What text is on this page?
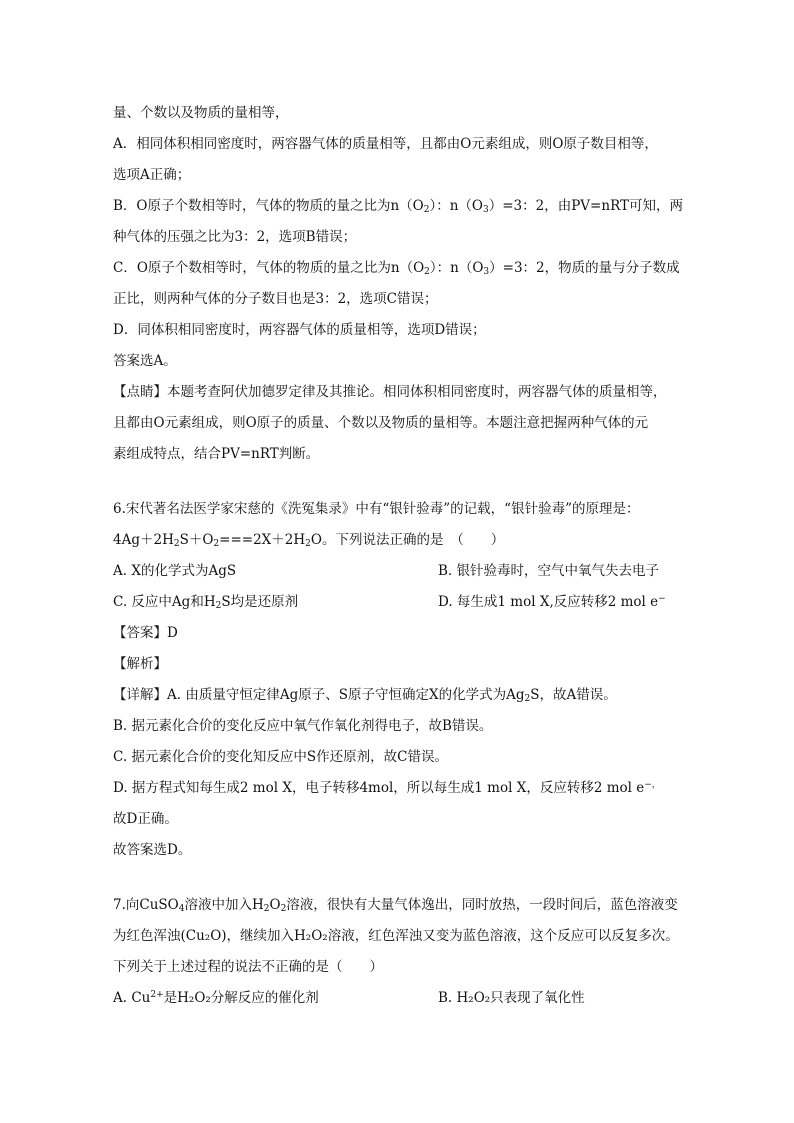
量、个数以及物质的量相等，
A．相同体积相同密度时，两容器气体的质量相等，且都由O元素组成，则O原子数目相等，
选项A正确；
B．O原子个数相等时，气体的物质的量之比为$n(O_2)$：$n(O_3)=3$：2，由PV=nRT可知，两
种气体的压强之比为3：2，选项B错误；
C．O原子个数相等时，气体的物质的量之比为$n(O_2)$：$n(O_3)=3$：2，物质的量与分子数成
正比，则两种气体的分子数目也是3：2，选项C错误；
D．同体积相同密度时，两容器气体的质量相等，选项D错误；
答案选A。
【点睛】本题考查阿伏加德罗定律及其推论。相同体积相同密度时，两容器气体的质量相等，
且都由O元素组成，则O原子的质量、个数以及物质的量相等。本题注意把握两种气体的元
素组成特点，结合PV=nRT判断。
6.宋代著名法医学家宋慈的《洗冤集录》中有“银针验毒”的记载，“银针验毒”的原理是：
$4Ag+2H_2S+O_2===2X+2H_2O$。下列说法正确的是　（　　）
A. X的化学式为AgS	B. 银针验毒时，空气中氧气失去电子
C. 反应中Ag和$H_2S$均是还原剂	D. 每生成1 mol X,反应转移2 mol e−
【答案】D
【解析】
【详解】A. 由质量守恒定律Ag原子、S原子守恒确定X的化学式为$Ag_2S$，故A错误。
B. 据元素化合价的变化反应中氧气作氧化剂得电子，故B错误。
C. 据元素化合价的变化知反应中S作还原剂，故C错误。
D. 据方程式知每生成2 mol X，电子转移4mol，所以每生成1 mol X，反应转移2 mol e−，
故D正确。
故答案选D。
7.向CuSO$_4$溶液中加入$H_2O_2$溶液，很快有大量气体逸出，同时放热，一段时间后，蓝色溶液变
为红色浑浊(Cu₂O)，继续加入H₂O₂溶液，红色浑浊又变为蓝色溶液，这个反应可以反复多次。
下列关于上述过程的说法不正确的是（　　）
A. $Cu^{2+}$是H₂O₂分解反应的催化剂	B. H₂O₂只表现了氧化性
